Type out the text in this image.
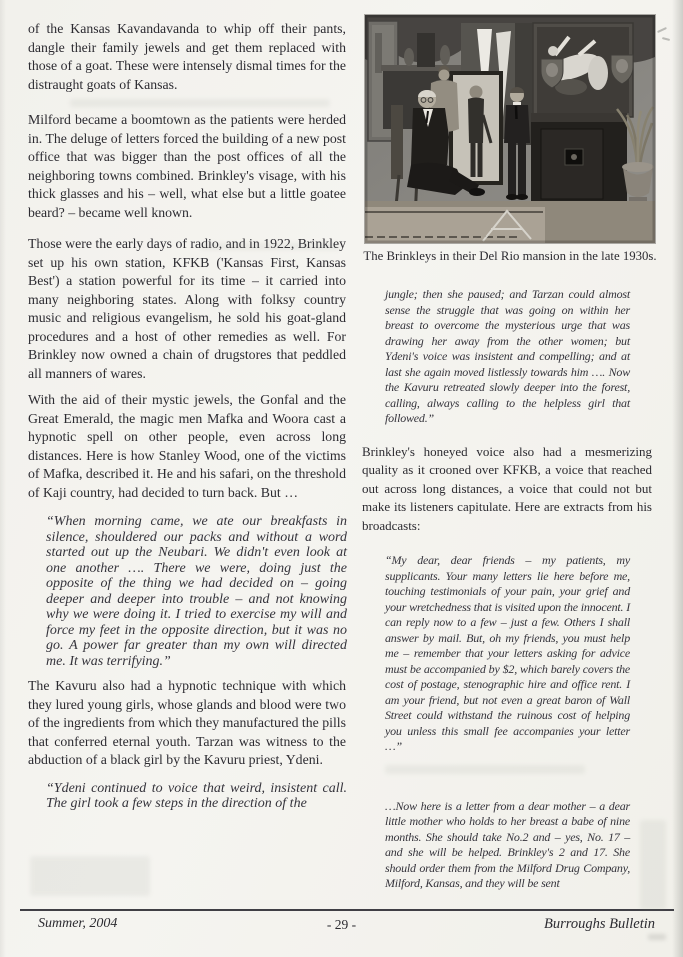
of the Kansas Kavandavanda to whip off their pants, dangle their family jewels and get them replaced with those of a goat. These were intensely dismal times for the distraught goats of Kansas.

Milford became a boomtown as the patients were herded in. The deluge of letters forced the building of a new post office that was bigger than the post offices of all the neighboring towns combined. Brinkley's visage, with his thick glasses and his – well, what else but a little goatee beard? – became well known.

Those were the early days of radio, and in 1922, Brinkley set up his own station, KFKB ('Kansas First, Kansas Best') a station powerful for its time – it carried into many neighboring states. Along with folksy country music and religious evangelism, he sold his goat-gland procedures and a host of other remedies as well. For Brinkley now owned a chain of drugstores that peddled all manners of wares.

With the aid of their mystic jewels, the Gonfal and the Great Emerald, the magic men Mafka and Woora cast a hypnotic spell on other people, even across long distances. Here is how Stanley Wood, one of the victims of Mafka, described it. He and his safari, on the threshold of Kaji country, had decided to turn back. But …

“When morning came, we ate our breakfasts in silence, shouldered our packs and without a word started out up the Neubari. We didn't even look at one another …. There we were, doing just the opposite of the thing we had decided on – going deeper and deeper into trouble – and not knowing why we were doing it. I tried to exercise my will and force my feet in the opposite direction, but it was no go. A power far greater than my own will directed me. It was terrifying.”

The Kavuru also had a hypnotic technique with which they lured young girls, whose glands and blood were two of the ingredients from which they manufactured the pills that conferred eternal youth. Tarzan was witness to the abduction of a black girl by the Kavuru priest, Ydeni.

“Ydeni continued to voice that weird, insistent call. The girl took a few steps in the direction of the

The Brinkleys in their Del Rio mansion in the late 1930s.

jungle; then she paused; and Tarzan could almost sense the struggle that was going on within her breast to overcome the mysterious urge that was drawing her away from the other women; but Ydeni's voice was insistent and compelling; and at last she again moved listlessly towards him …. Now the Kavuru retreated slowly deeper into the forest, calling, always calling to the helpless girl that followed.”

Brinkley's honeyed voice also had a mesmerizing quality as it crooned over KFKB, a voice that reached out across long distances, a voice that could not but make its listeners capitulate. Here are extracts from his broadcasts:

“My dear, dear friends – my patients, my supplicants. Your many letters lie here before me, touching testimonials of your pain, your grief and your wretchedness that is visited upon the innocent. I can reply now to a few – just a few. Others I shall answer by mail. But, oh my friends, you must help me – remember that your letters asking for advice must be accompanied by $2, which barely covers the cost of postage, stenographic hire and office rent. I am your friend, but not even a great baron of Wall Street could withstand the ruinous cost of helping you unless this small fee accompanies your letter …”

…Now here is a letter from a dear mother – a dear little mother who holds to her breast a babe of nine months. She should take No.2 and – yes, No. 17 – and she will be helped. Brinkley's 2 and 17. She should order them from the Milford Drug Company, Milford, Kansas, and they will be sent

Summer, 2004	- 29 -	Burroughs Bulletin
